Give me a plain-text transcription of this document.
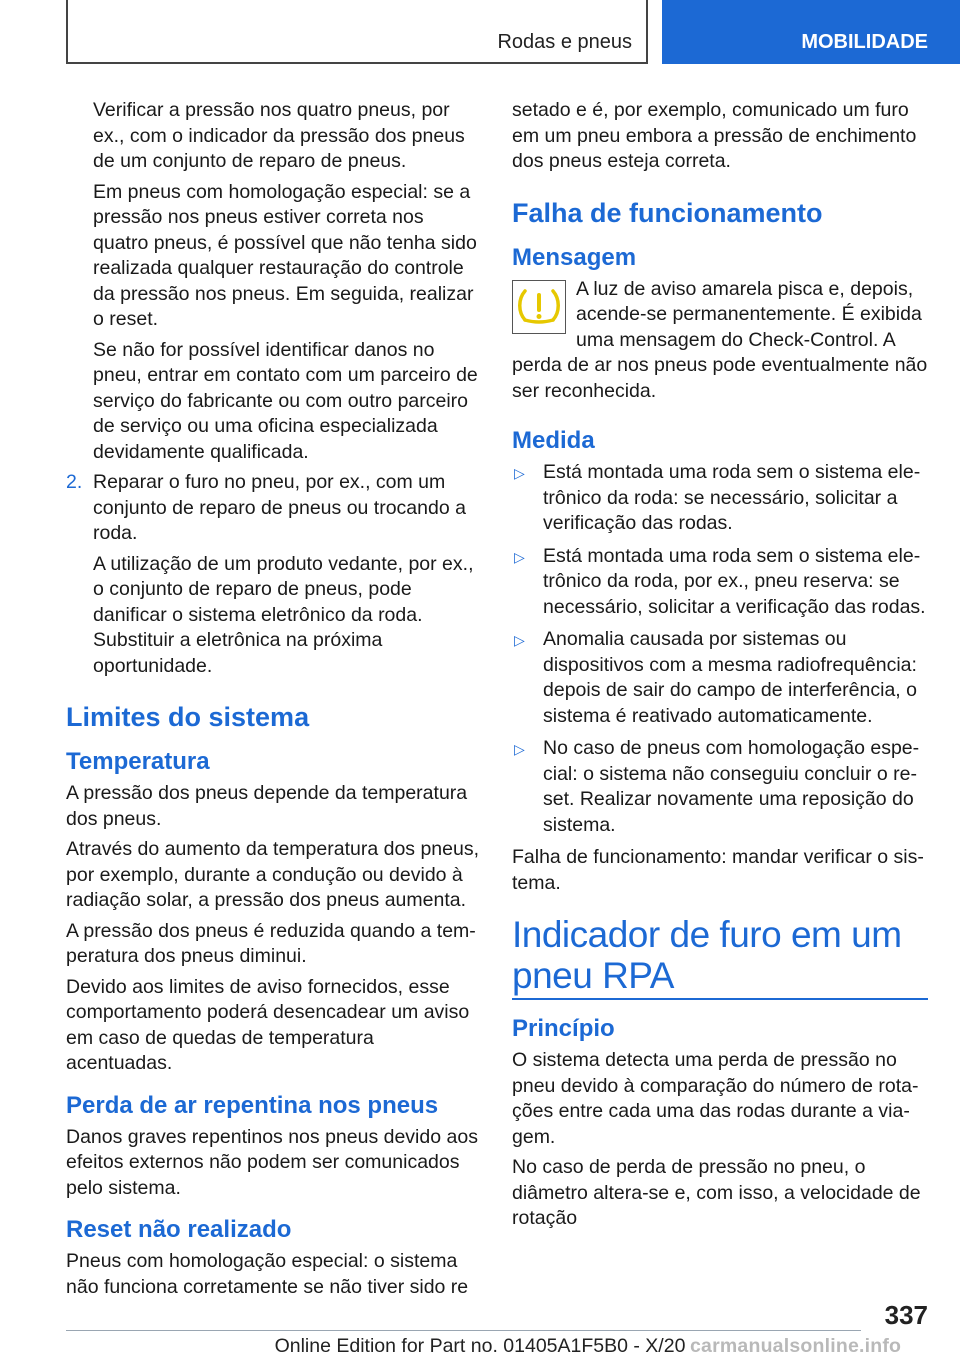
Rodas e pneus	MOBILIDADE

Verificar a pressão nos quatro pneus, por ex., com o indicador da pressão dos pneus de um conjunto de reparo de pneus.

Em pneus com homologação especial: se a pressão nos pneus estiver correta nos quatro pneus, é possível que não tenha sido realizada qualquer restauração do controle da pressão nos pneus. Em seguida, realizar o reset.

Se não for possível identificar danos no pneu, entrar em contato com um parceiro de serviço do fabricante ou com outro parceiro de serviço ou uma oficina especializada devidamente qualificada.

2. Reparar o furo no pneu, por ex., com um conjunto de reparo de pneus ou trocando a roda.

A utilização de um produto vedante, por ex., o conjunto de reparo de pneus, pode danificar o sistema eletrônico da roda. Substituir a eletrônica na próxima oportunidade.

Limites do sistema
Temperatura

A pressão dos pneus depende da temperatura dos pneus.

Através do aumento da temperatura dos pneus, por exemplo, durante a condução ou devido à radiação solar, a pressão dos pneus aumenta.

A pressão dos pneus é reduzida quando a temperatura dos pneus diminui.

Devido aos limites de aviso fornecidos, esse comportamento poderá desencadear um aviso em caso de quedas de temperatura acentuadas.

Perda de ar repentina nos pneus

Danos graves repentinos nos pneus devido aos efeitos externos não podem ser comunicados pelo sistema.

Reset não realizado

Pneus com homologação especial: o sistema não funciona corretamente se não tiver sido re

setado e é, por exemplo, comunicado um furo em um pneu embora a pressão de enchimento dos pneus esteja correta.

Falha de funcionamento
Mensagem
A luz de aviso amarela pisca e, depois, acende-se permanentemente. É exibida uma mensagem do Check-Control. A perda de ar nos pneus pode eventualmente não ser reconhecida.
Medida
▷ Está montada uma roda sem o sistema eletrônico da roda: se necessário, solicitar a verificação das rodas.
▷ Está montada uma roda sem o sistema eletrônico da roda, por ex., pneu reserva: se necessário, solicitar a verificação das rodas.
▷ Anomalia causada por sistemas ou dispositivos com a mesma radiofrequência: depois de sair do campo de interferência, o sistema é reativado automaticamente.
▷ No caso de pneus com homologação especial: o sistema não conseguiu concluir o reset. Realizar novamente uma reposição do sistema.

Falha de funcionamento: mandar verificar o sistema.

Indicador de furo em um pneu RPA
Princípio

O sistema detecta uma perda de pressão no pneu devido à comparação do número de rotações entre cada uma das rodas durante a viagem.

No caso de perda de pressão no pneu, o diâmetro altera-se e, com isso, a velocidade de rotação

337
Online Edition for Part no. 01405A1F5B0 - X/20 carmanualsonline.info
